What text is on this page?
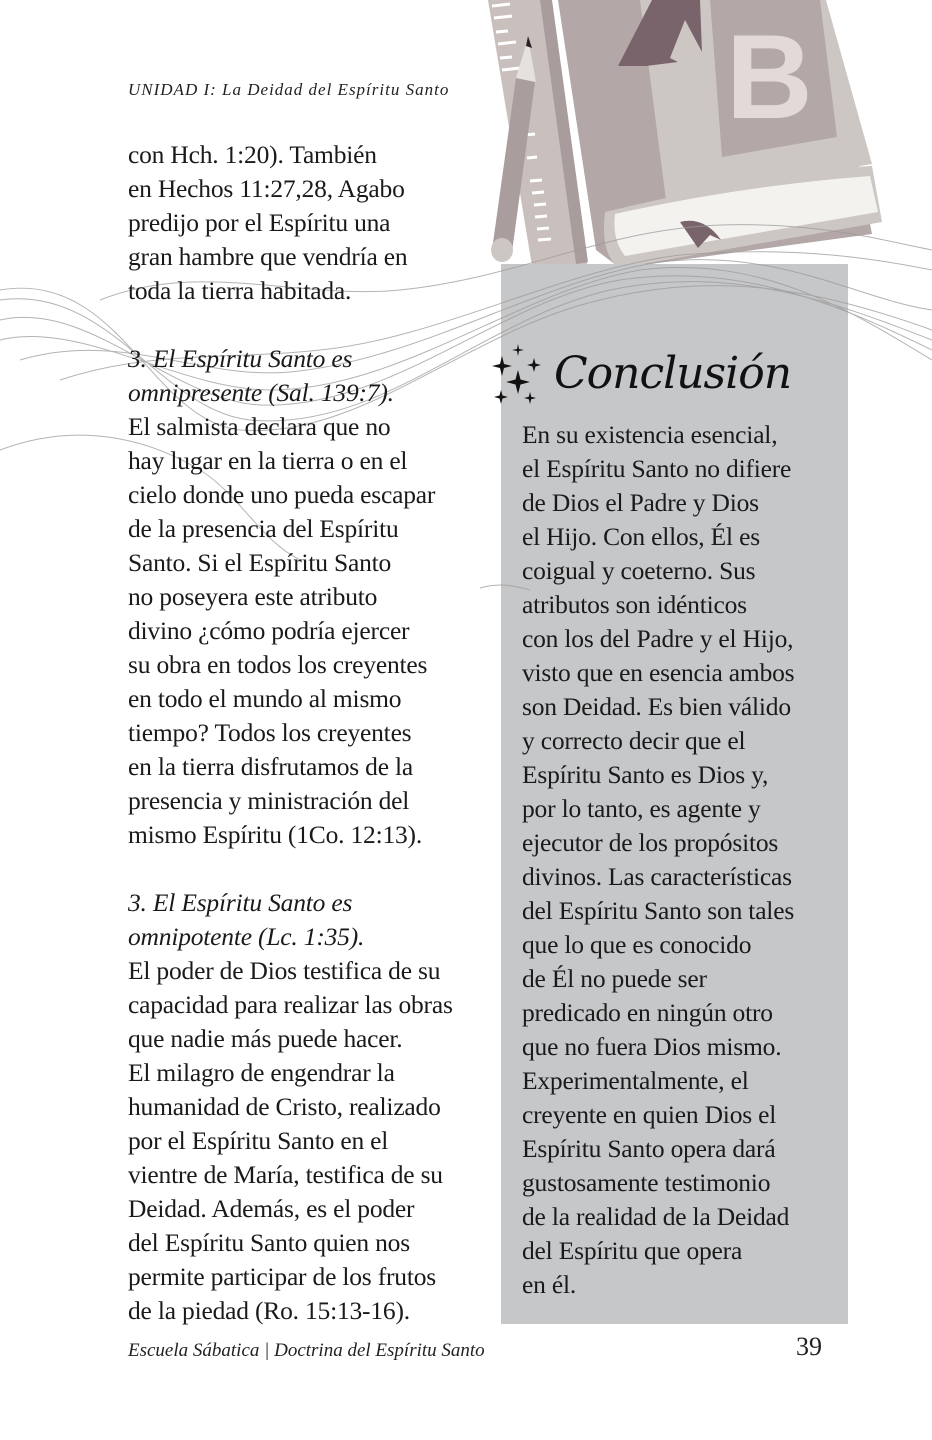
B
UNIDAD I: La Deidad del Espíritu Santo

con Hch. 1:20). También

en Hechos 11:27,28, Agabo

predijo por el Espíritu una

gran hambre que vendría en

toda la tierra habitada.

3. El Espíritu Santo es

omnipresente (Sal. 139:7).

El salmista declara que no

hay lugar en la tierra o en el

cielo donde uno pueda escapar

de la presencia del Espíritu

Santo. Si el Espíritu Santo

no poseyera este atributo

divino ¿cómo podría ejercer

su obra en todos los creyentes

en todo el mundo al mismo

tiempo? Todos los creyentes

en la tierra disfrutamos de la

presencia y ministración del

mismo Espíritu (1Co. 12:13).

3. El Espíritu Santo es

omnipotente (Lc. 1:35).

El poder de Dios testifica de su

capacidad para realizar las obras

que nadie más puede hacer.

El milagro de engendrar la

humanidad de Cristo, realizado

por el Espíritu Santo en el

vientre de María, testifica de su

Deidad. Además, es el poder

del Espíritu Santo quien nos

permite participar de los frutos

de la piedad (Ro. 15:13-16).

Conclusión
En su existencia esencial,
el Espíritu Santo no difiere
de Dios el Padre y Dios
el Hijo. Con ellos, Él es
coigual y coeterno. Sus
atributos son idénticos
con los del Padre y el Hijo,
visto que en esencia ambos
son Deidad. Es bien válido
y correcto decir que el
Espíritu Santo es Dios y,
por lo tanto, es agente y
ejecutor de los propósitos
divinos. Las características
del Espíritu Santo son tales
que lo que es conocido
de Él no puede ser
predicado en ningún otro
que no fuera Dios mismo.
Experimentalmente, el
creyente en quien Dios el
Espíritu Santo opera dará
gustosamente testimonio
de la realidad de la Deidad
del Espíritu que opera
en él.
Escuela Sábatica | Doctrina del Espíritu Santo	39
